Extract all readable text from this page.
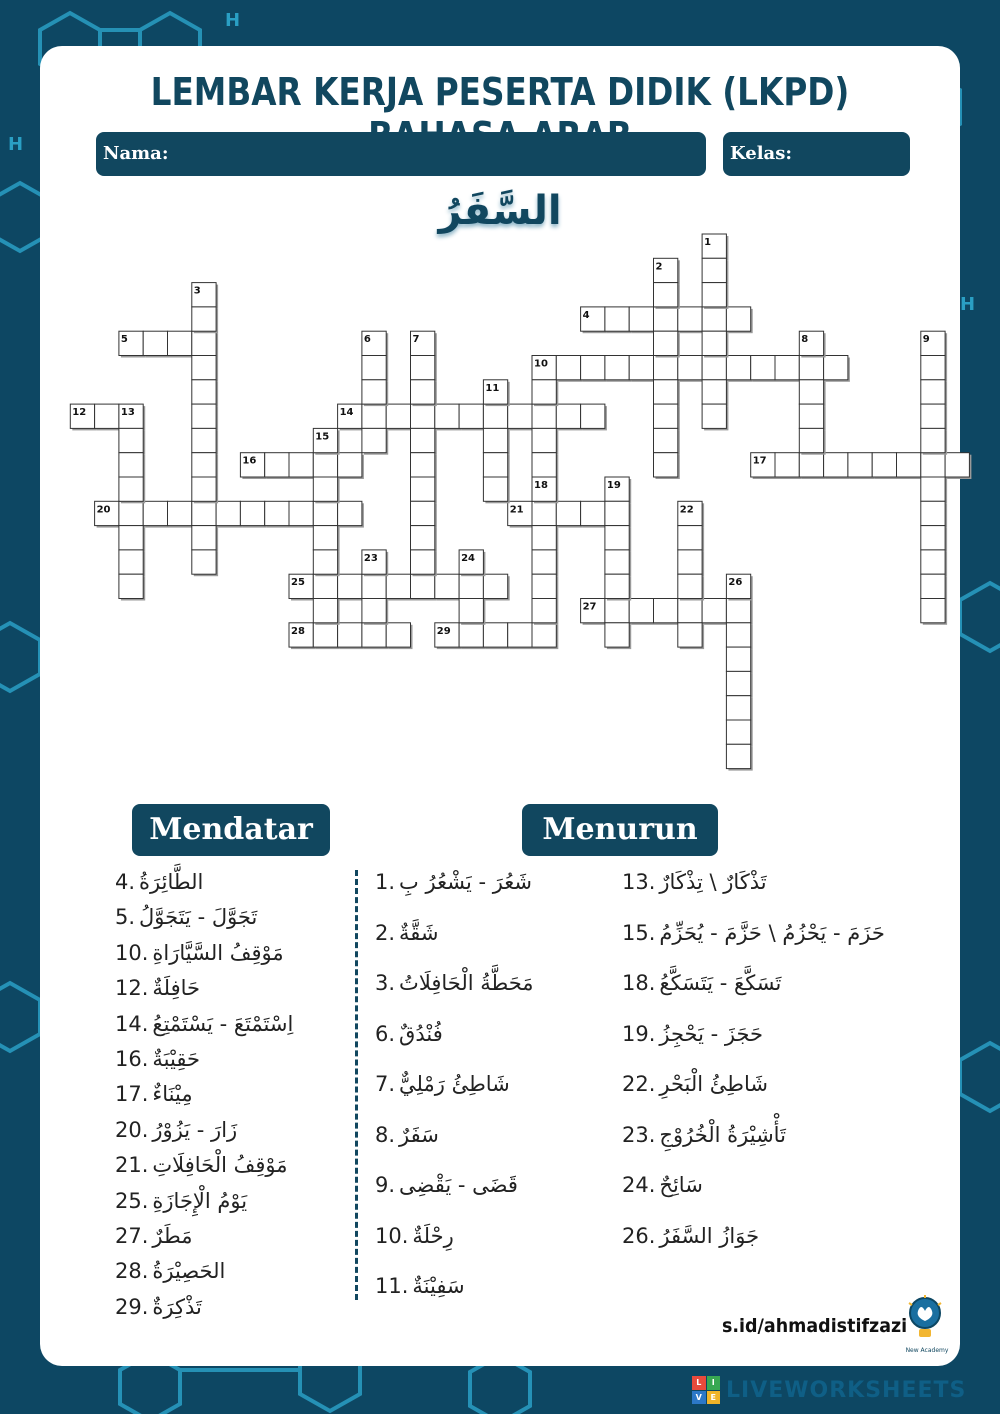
H
H
H
LEMBAR KERJA PESERTA DIDIK (LKPD)
Nama:	Kelas:
السَّفَرُ
1
2
3
4
5	6	7	8	9
10
11
12	13	14
15
16	17
18	19
20	21	22
23	24
25	26
27
28	29
Mendatar	Menurun
4. الطَّائِرَةُ
5. تَجَوَّلَ - يَتَجَوَّلُ
10. مَوْقِفُ السَّيَّارَاةِ
12. حَافِلَةٌ
14. اِسْتَمْتَعَ - يَسْتَمْتِعُ
16. حَقِيْبَةٌ
17. مِيْنَاءٌ
20. زَارَ - يَزُوْرُ
21. مَوْقِفُ الْحَافِلَاتِ
25. يَوْمُ الْإِجَازَةِ
27. مَطَرٌ
28. الحَصِيْرَةُ
29. تَذْكِرَةٌ
1. شَعُرَ - يَشْعُرُ بِ
2. شَقَّةٌ
3. مَحَطَّةُ الْحَافِلَاتُ
6. فُنْدُقٌ
7. شَاطِئُ رَمْلِيٌّ
8. سَفَرٌ
9. قَضَى - يَقْضِى
10. رِحْلَةٌ
11. سَفِيْنَةٌ
13. تَذْكَارٌ \ تِذْكَارٌ
15. حَزَمَ - يَحْزُمُ \ حَزَّمَ - يُحَزِّمُ
18. تَسَكَّعَ - يَتَسَكَّعُ
19. حَجَزَ - يَحْجِزُ
22. شَاطِئُ الْبَحْرِ
23. تَأْشِيْرَةُ الْخُرُوْجِ
24. سَائِحٌ
26. جَوَازُ السَّفَرُ
s.id/ahmadistifzazi
New Academy
L	I
V	E LIVEWORKSHEETS
